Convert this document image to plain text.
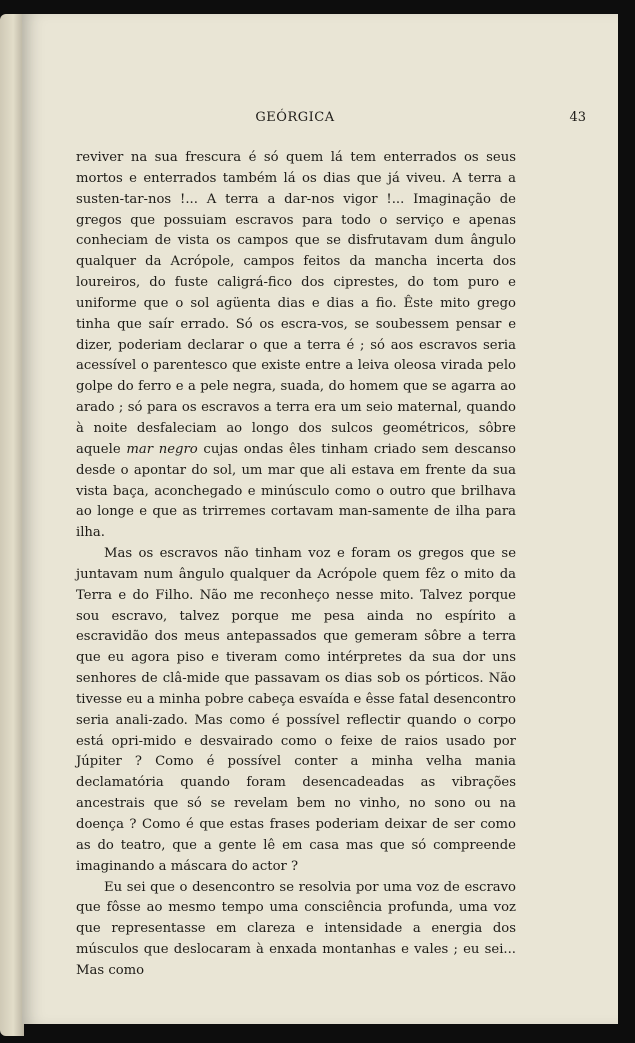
GEÓRGICA	43

reviver na sua frescura é só quem lá tem enterrados os seus mortos e enterrados também lá os dias que já viveu. A terra a susten-tar-nos !... A terra a dar-nos vigor !... Imaginação de gregos que possuiam escravos para todo o serviço e apenas conheciam de vista os campos que se disfrutavam dum ângulo qualquer da Acrópole, campos feitos da mancha incerta dos loureiros, do fuste caligrá-fico dos ciprestes, do tom puro e uniforme que o sol agüenta dias e dias a fio. Êste mito grego tinha que saír errado. Só os escra-vos, se soubessem pensar e dizer, poderiam declarar o que a terra é ; só aos escravos seria acessível o parentesco que existe entre a leiva oleosa virada pelo golpe do ferro e a pele negra, suada, do homem que se agarra ao arado ; só para os escravos a terra era um seio maternal, quando à noite desfaleciam ao longo dos sulcos geométricos, sôbre aquele mar negro cujas ondas êles tinham criado sem descanso desde o apontar do sol, um mar que ali estava em frente da sua vista baça, aconchegado e minúsculo como o outro que brilhava ao longe e que as trirremes cortavam man-samente de ilha para ilha.

Mas os escravos não tinham voz e foram os gregos que se juntavam num ângulo qualquer da Acrópole quem fêz o mito da Terra e do Filho. Não me reconheço nesse mito. Talvez porque sou escravo, talvez porque me pesa ainda no espírito a escravidão dos meus antepassados que gemeram sôbre a terra que eu agora piso e tiveram como intérpretes da sua dor uns senhores de clâ-mide que passavam os dias sob os pórticos. Não tivesse eu a minha pobre cabeça esvaída e êsse fatal desencontro seria anali-zado. Mas como é possível reflectir quando o corpo está opri-mido e desvairado como o feixe de raios usado por Júpiter ? Como é possível conter a minha velha mania declamatória quando foram desencadeadas as vibrações ancestrais que só se revelam bem no vinho, no sono ou na doença ? Como é que estas frases poderiam deixar de ser como as do teatro, que a gente lê em casa mas que só compreende imaginando a máscara do actor ?

Eu sei que o desencontro se resolvia por uma voz de escravo que fôsse ao mesmo tempo uma consciência profunda, uma voz que representasse em clareza e intensidade a energia dos músculos que deslocaram à enxada montanhas e vales ; eu sei... Mas como
